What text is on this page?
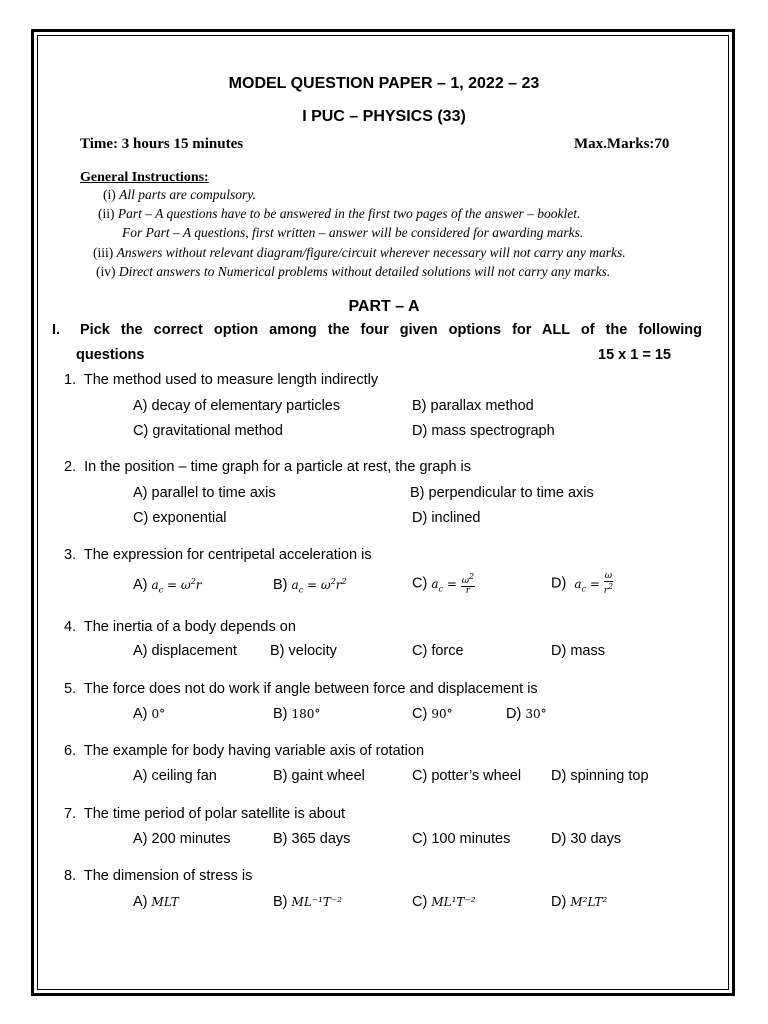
MODEL QUESTION PAPER – 1, 2022 – 23
I PUC – PHYSICS (33)
Time: 3 hours 15 minutes	Max.Marks:70
General Instructions:
(i) All parts are compulsory.
(ii) Part – A questions have to be answered in the first two pages of the answer – booklet.
For Part – A questions, first written – answer will be considered for awarding marks.
(iii) Answers without relevant diagram/figure/circuit wherever necessary will not carry any marks.
(iv) Direct answers to Numerical problems without detailed solutions will not carry any marks.
PART – A
I. Pick the correct option among the four given options for ALL of the following
questions	15 x 1 = 15
1. The method used to measure length indirectly
A) decay of elementary particles	B) parallax method
C) gravitational method	D) mass spectrograph
2. In the position – time graph for a particle at rest, the graph is
A) parallel to time axis	B) perpendicular to time axis
C) exponential	D) inclined
3. The expression for centripetal acceleration is
A) $a_c = \omega^2r$	B) $a_c = \omega^2r^2$	C) $a_c = \frac{\omega^2}{r}$	D) $a_c = \frac{\omega}{r^2}$
4. The inertia of a body depends on
A) displacement B) velocity	C) force	D) mass
5. The force does not do work if angle between force and displacement is
A) 0°	B) 180°	C) 90°	D) 30°
6. The example for body having variable axis of rotation
A) ceiling fan	B) gaint wheel	C) potter’s wheel D) spinning top
7. The time period of polar satellite is about
A) 200 minutes	B) 365 days	C) 100 minutes	D) 30 days
8. The dimension of stress is
A) MLT	B) ML⁻¹T⁻²	C) ML¹T⁻²	D) M²LT²
